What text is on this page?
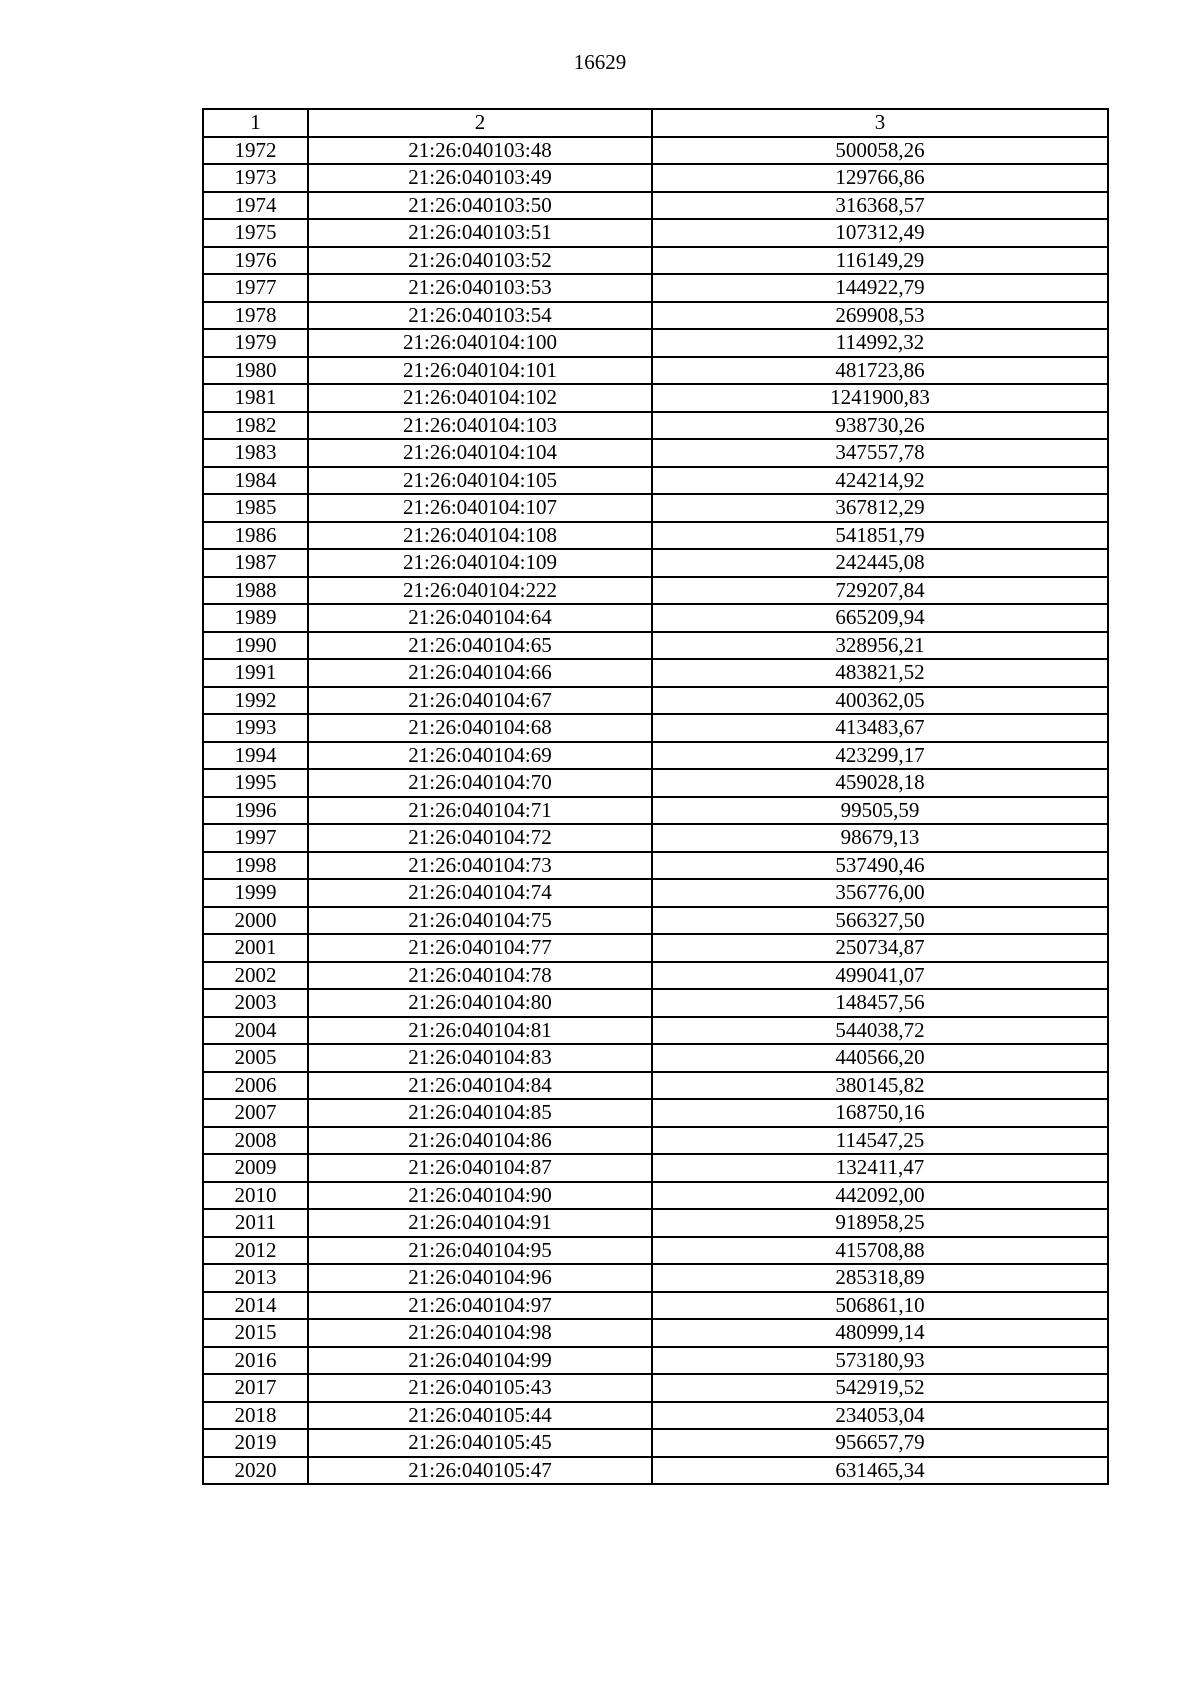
16629
1	2	3
1972	21:26:040103:48	500058,26
1973	21:26:040103:49	129766,86
1974	21:26:040103:50	316368,57
1975	21:26:040103:51	107312,49
1976	21:26:040103:52	116149,29
1977	21:26:040103:53	144922,79
1978	21:26:040103:54	269908,53
1979	21:26:040104:100	114992,32
1980	21:26:040104:101	481723,86
1981	21:26:040104:102	1241900,83
1982	21:26:040104:103	938730,26
1983	21:26:040104:104	347557,78
1984	21:26:040104:105	424214,92
1985	21:26:040104:107	367812,29
1986	21:26:040104:108	541851,79
1987	21:26:040104:109	242445,08
1988	21:26:040104:222	729207,84
1989	21:26:040104:64	665209,94
1990	21:26:040104:65	328956,21
1991	21:26:040104:66	483821,52
1992	21:26:040104:67	400362,05
1993	21:26:040104:68	413483,67
1994	21:26:040104:69	423299,17
1995	21:26:040104:70	459028,18
1996	21:26:040104:71	99505,59
1997	21:26:040104:72	98679,13
1998	21:26:040104:73	537490,46
1999	21:26:040104:74	356776,00
2000	21:26:040104:75	566327,50
2001	21:26:040104:77	250734,87
2002	21:26:040104:78	499041,07
2003	21:26:040104:80	148457,56
2004	21:26:040104:81	544038,72
2005	21:26:040104:83	440566,20
2006	21:26:040104:84	380145,82
2007	21:26:040104:85	168750,16
2008	21:26:040104:86	114547,25
2009	21:26:040104:87	132411,47
2010	21:26:040104:90	442092,00
2011	21:26:040104:91	918958,25
2012	21:26:040104:95	415708,88
2013	21:26:040104:96	285318,89
2014	21:26:040104:97	506861,10
2015	21:26:040104:98	480999,14
2016	21:26:040104:99	573180,93
2017	21:26:040105:43	542919,52
2018	21:26:040105:44	234053,04
2019	21:26:040105:45	956657,79
2020	21:26:040105:47	631465,34
